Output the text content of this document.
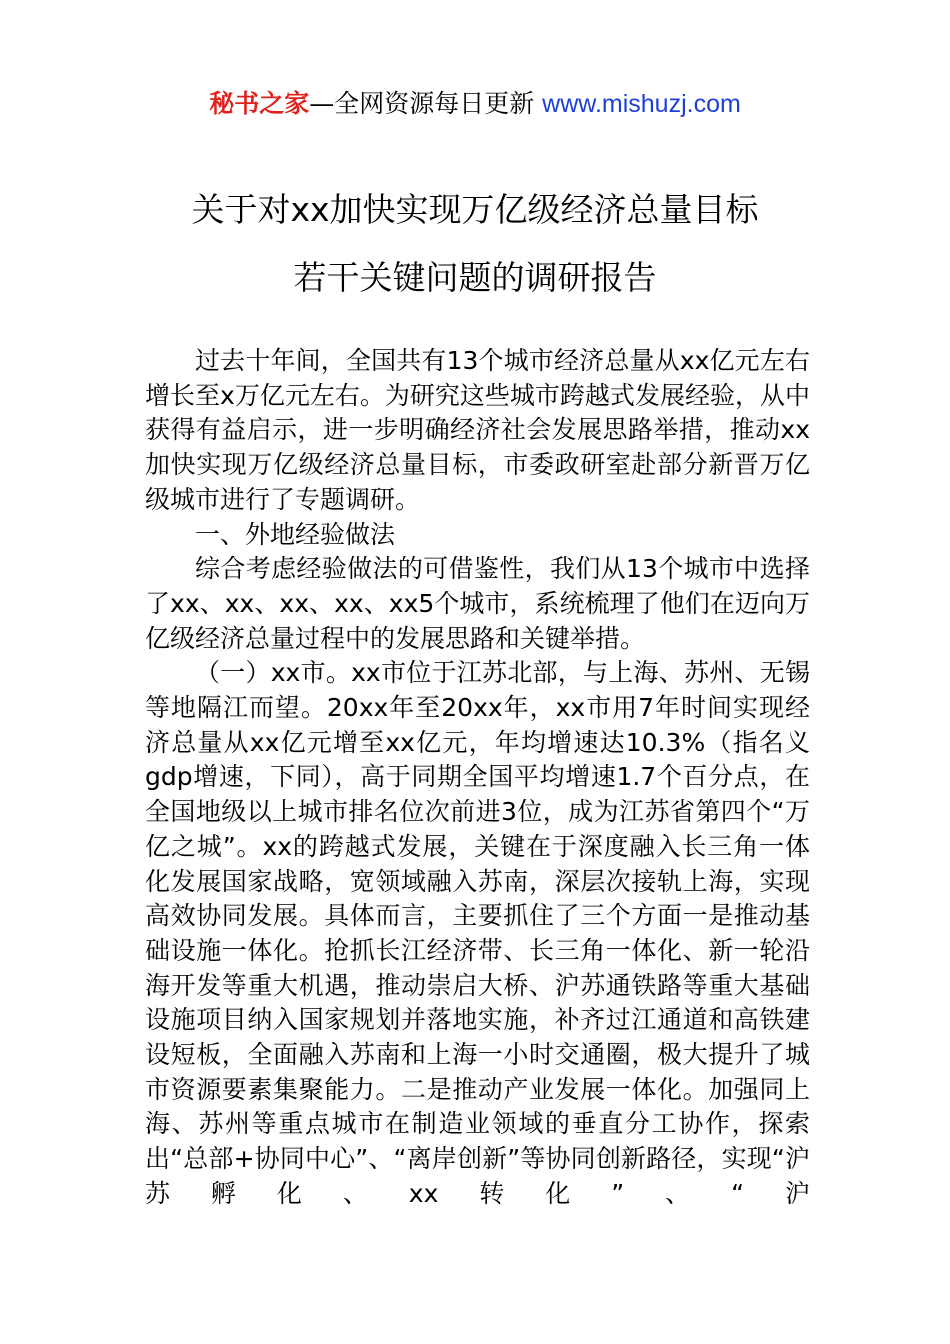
秘书之家—全网资源每日更新 www.mishuzj.com
关于对xx加快实现万亿级经济总量目标
若干关键问题的调研报告

过去十年间，全国共有13个城市经济总量从xx亿元左右增长至x万亿元左右。为研究这些城市跨越式发展经验，从中获得有益启示，进一步明确经济社会发展思路举措，推动xx加快实现万亿级经济总量目标，市委政研室赴部分新晋万亿级城市进行了专题调研。

一、外地经验做法

综合考虑经验做法的可借鉴性，我们从13个城市中选择了xx、xx、xx、xx、xx5个城市，系统梳理了他们在迈向万亿级经济总量过程中的发展思路和关键举措。

（一）xx市。xx市位于江苏北部，与上海、苏州、无锡等地隔江而望。20xx年至20xx年，xx市用7年时间实现经济总量从xx亿元增至xx亿元，年均增速达10.3%（指名义gdp增速，下同），高于同期全国平均增速1.7个百分点，在全国地级以上城市排名位次前进3位，成为江苏省第四个“万亿之城”。xx的跨越式发展，关键在于深度融入长三角一体化发展国家战略，宽领域融入苏南，深层次接轨上海，实现高效协同发展。具体而言，主要抓住了三个方面一是推动基础设施一体化。抢抓长江经济带、长三角一体化、新一轮沿海开发等重大机遇，推动崇启大桥、沪苏通铁路等重大基础设施项目纳入国家规划并落地实施，补齐过江通道和高铁建设短板，全面融入苏南和上海一小时交通圈，极大提升了城市资源要素集聚能力。二是推动产业发展一体化。加强同上海、苏州等重点城市在制造业领域的垂直分工协作，探索出“总部+协同中心”、“离岸创新”等协同创新路径，实现“沪苏孵化、xx转化”、“沪
